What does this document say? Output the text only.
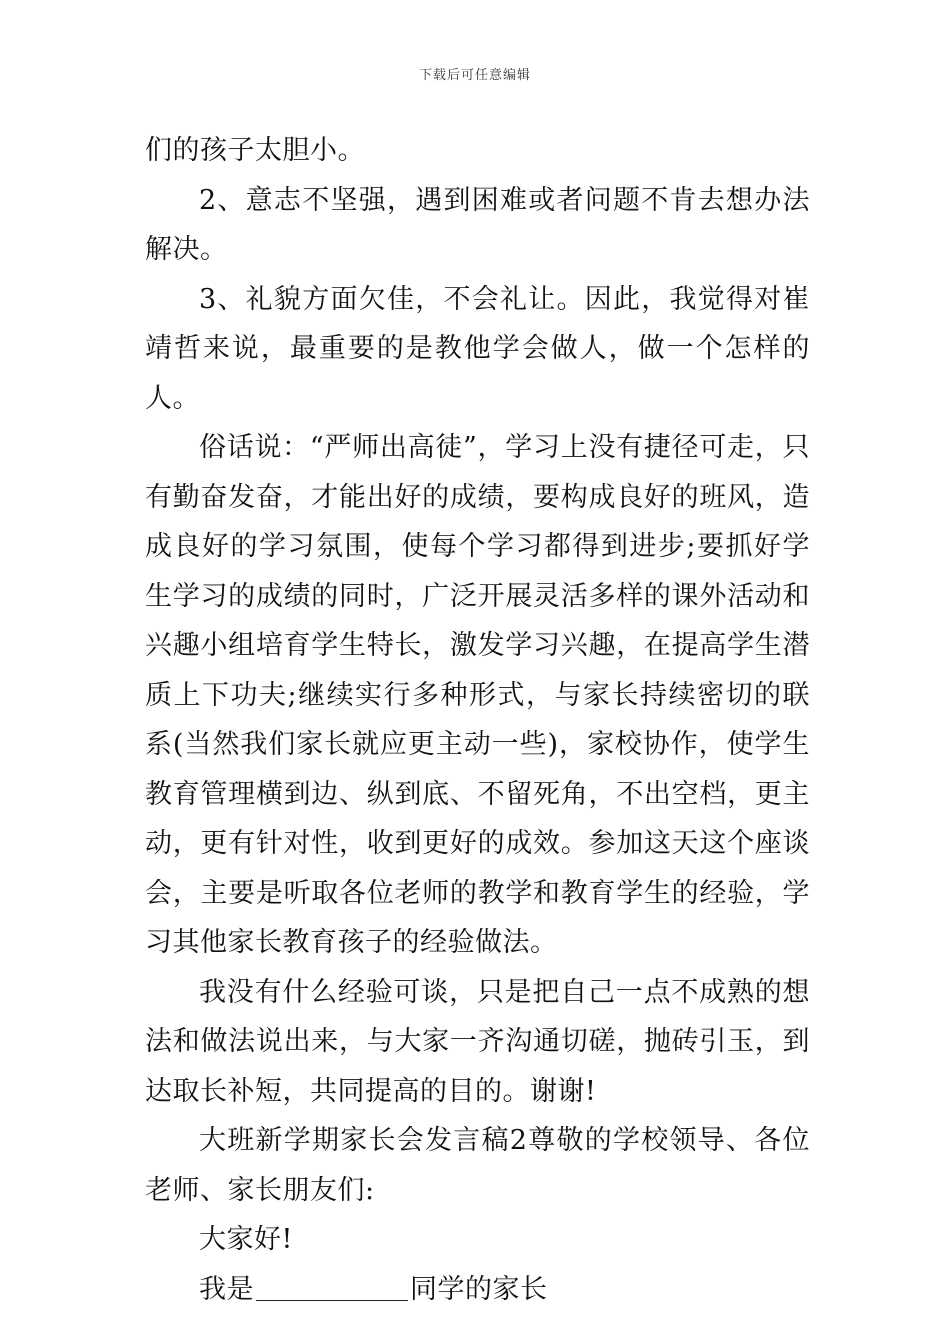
下载后可任意编辑

们的孩子太胆小。

2、意志不坚强，遇到困难或者问题不肯去想办法解决。

3、礼貌方面欠佳，不会礼让。因此，我觉得对崔靖哲来说，最重要的是教他学会做人，做一个怎样的人。

俗话说：“严师出高徒”，学习上没有捷径可走，只有勤奋发奋，才能出好的成绩，要构成良好的班风，造成良好的学习氛围，使每个学习都得到进步;要抓好学生学习的成绩的同时，广泛开展灵活多样的课外活动和兴趣小组培育学生特长，激发学习兴趣，在提高学生潜质上下功夫;继续实行多种形式，与家长持续密切的联系(当然我们家长就应更主动一些)，家校协作，使学生教育管理横到边、纵到底、不留死角，不出空档，更主动，更有针对性，收到更好的成效。参加这天这个座谈会，主要是听取各位老师的教学和教育学生的经验，学习其他家长教育孩子的经验做法。

我没有什么经验可谈，只是把自己一点不成熟的想法和做法说出来，与大家一齐沟通切磋，抛砖引玉，到达取长补短，共同提高的目的。谢谢!

大班新学期家长会发言稿2尊敬的学校领导、各位老师、家长朋友们:

大家好!

我是	同学的家长
